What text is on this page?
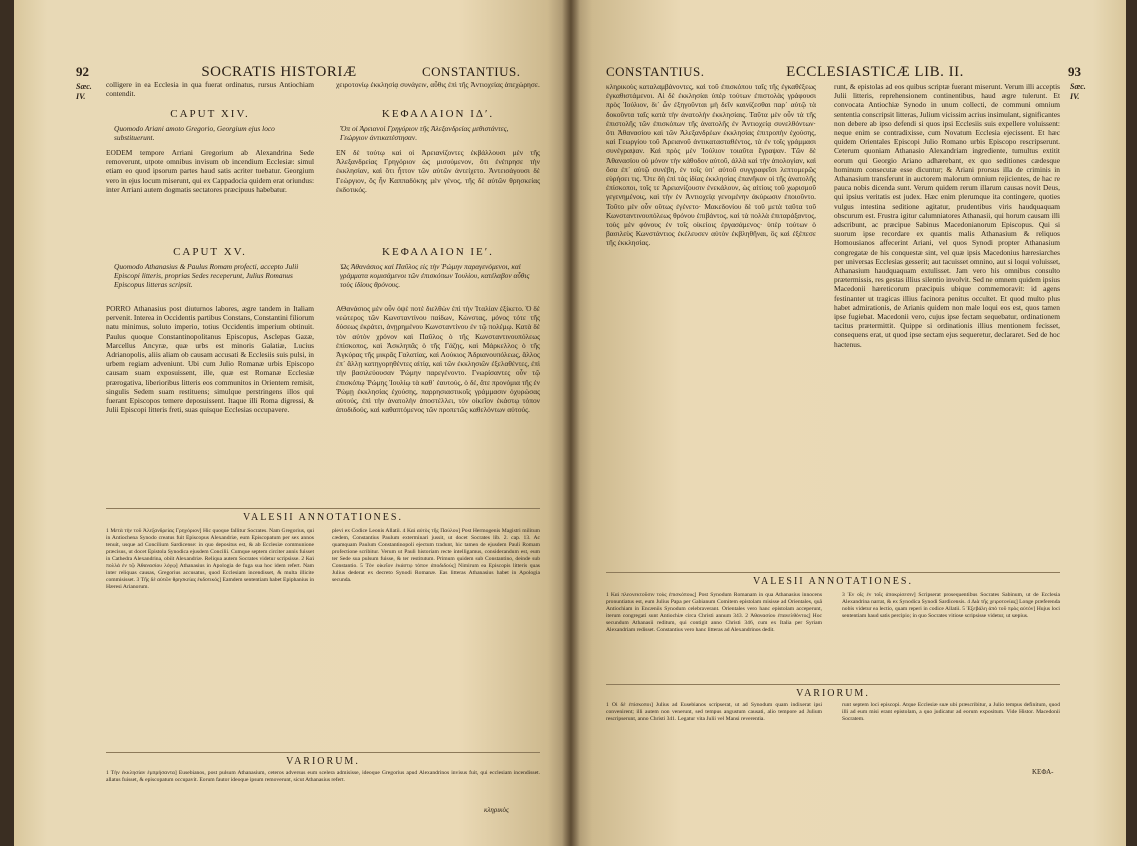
92	SOCRATIS HISTORIÆ	CONSTANTIUS.
Sæc.
IV.
colligere in ea Ecclesia in qua fuerat ordinatus, rursus Antiochiam contendit.
χειροτονίῳ ἐκκλησίᾳ συνάγειν, αὖθις ἐπὶ τῆς Ἀντιοχείας ἀπεχώρησε.
CAPUT XIV.
Quomodo Ariani amoto Gregorio, Georgium ejus loco substituerunt.

EODEM tempore Arriani Gregorium ab Alexandrina Sede removerunt, utpote omnibus invisum ob incendium Ecclesiæ: simul etiam eo quod ipsorum partes haud satis acriter tuebatur. Georgium vero in ejus locum miserunt, qui ex Cappadocia quidem erat oriundus: inter Arriani autem dogmatis sectatores præcipuus habebatur.

ΚΕΦΑΛΑΙΟΝ ΙΔʹ.
Ὅπ οἱ Ἀρειανοὶ Γρηγόριον τῆς Ἀλεξανδρείας μεθιστάντες, Γεώργιον ἀντικατέστησαν.

ΕΝ δὲ τούτῳ καὶ οἱ Ἀρειανίζοντες ἐκβάλλουσι μὲν τῆς Ἀλεξανδρείας Γρηγόριον ὡς μισούμενον, ὅτι ἐνέπρησε τὴν ἐκκλησίαν, καὶ ὅτι ἧττον τῶν αὐτῶν ἀντείχετο. Ἀντεισάγουσι δὲ Γεώργιον, ὃς ἦν Καππαδόκης μὲν γένος, τῆς δὲ αὐτῶν θρησκείας ἐκδοτικός.

CAPUT XV.
Quomodo Athanasius & Paulus Romam profecti, accepto Julii Episcopi litteris, proprias Sedes receperunt, Julius Romanus Episcopus litteras scripsit.

PORRO Athanasius post diuturnos labores, ægre tandem in Italiam pervenit. Interea in Occidentis partibus Constans, Constantini filiorum natu minimus, soluto imperio, totius Occidentis imperium obtinuit. Paulus quoque Constantinopolitanus Episcopus, Asclepas Gazæ, Marcellus Ancyræ, quæ urbs est minoris Galatiæ, Lucius Adrianopolis, aliis aliam ob causam accusati & Ecclesiis suis pulsi, in urbem regiam adveniunt. Ubi cum Julio Romanæ urbis Episcopo causam suam exposuissent, ille, quæ est Romanæ Ecclesiæ prærogativa, liberioribus litteris eos communitos in Orientem remisit, singulis Sedem suam restituens; simulque perstringens illos qui fuerant Episcopos temere deposuissent. Itaque illi Roma digressi, & Julii Episcopi litteris freti, suas quisque Ecclesias occupavere.

ΚΕΦΑΛΑΙΟΝ ΙΕʹ.
Ὡς Ἀθανάσιος καὶ Παῦλος εἰς τὴν Ῥώμην παραγενόμενοι, καὶ γράμματα κομισάμενοι τῶν ἐπισκόπων Ἰουλίου, κατέλαβον αὖθις τοὺς ἰδίους θρόνους.

ΑΘανάσιος μὲν οὖν ὀψὲ ποτὲ διελθὼν ἐπὶ τὴν Ἰταλίαν ἐξίκετο. Ὁ δὲ νεώτερος τῶν Κωνσταντίνου παίδων, Κώνστας, μόνος τότε τῆς δύσεως ἐκράτει, ἀνῃρημένου Κωνσταντίνου ἐν τῷ πολέμῳ. Κατὰ δὲ τὸν αὐτὸν χρόνον καὶ Παῦλος ὁ τῆς Κωνσταντινουπόλεως ἐπίσκοπος, καὶ Ἀσκληπᾶς ὁ τῆς Γάζης, καὶ Μάρκελλος ὁ τῆς Ἀγκύρας τῆς μικρᾶς Γαλατίας, καὶ Λούκιος Ἀδριανουπόλεως, ἄλλος ἐπ᾽ ἄλλῃ κατηγορηθέντες αἰτίᾳ, καὶ τῶν ἐκκλησιῶν ἐξελαθέντες, ἐπὶ τὴν βασιλεύουσαν Ῥώμην παρεγένοντο. Γνωρίσαντες οὖν τῷ ἐπισκόπῳ Ῥώμης Ἰουλίῳ τὰ καθ᾽ ἑαυτούς, ὁ δέ, ἅτε προνόμια τῆς ἐν Ῥώμῃ ἐκκλησίας ἐχούσης, παρρησιαστικοῖς γράμμασιν ὀχυρώσας αὐτούς, ἐπὶ τὴν ἀνατολὴν ἀποστέλλει, τὸν οἰκεῖον ἑκάστῳ τόπον ἀποδιδούς, καὶ καθαπτόμενος τῶν προπετῶς καθελόντων αὐτούς.

VALESII ANNOTATIONES.
1 Μετὰ τὴν τοῦ Ἀλεξανδρείας Γρηγόριον] Hic quoque fallitur Socrates. Nam Gregorius, qui in Antiochena Synodo creatus fuit Episcopus Alexandriæ, eum Episcopatum per sex annos tenuit, usque ad Concilium Sardicense: in quo depositus est, & ab Ecclesiæ communione præcisus, ut docet Epistola Synodica ejusdem Concilii. Cumque septem circiter annis fuisset in Cathedra Alexandrina, obiit Alexandriæ. Reliqua autem Socrates videtur scripsisse. 2 Καὶ πολλά ἐν τῷ Ἀθανασίου λόγῳ] Athanasius in Apologia de fuga sua hoc idem refert. Nam inter reliquas causas, Gregorius accusatus, quod Ecclesiam incendisset, & multa illicite commisisset. 3 Τῆς δὲ αὐτῶν θρησκείας ἐκδοτικός] Eamdem sententiam habet Epiphanius in Hæresi Arianorum.
plevi ex Codice Leonis Allatii. 4 Καὶ αὐτὸς τῆς Παύλου] Post Hermogenis Magistri militum cædem, Constantius Paulum exterminari jussit, ut docet Socrates lib. 2. cap. 13. Ac quamquam Paulum Constantinopoli ejectum tradunt, hic tamen de ejusdem Pauli Romam profectione scribitur. Verum ut Pauli historiam recte intelligamus, considerandum est, eum ter Sede sua pulsum fuisse, & ter restitutum. Primum quidem sub Constantino, deinde sub Constantio. 5 Τὸν οἰκεῖον ἑκάστῳ τόπον ἀποδιδούς] Nimirum ea Episcopis litteris quas Julius dederat ex decreto Synodi Romanæ. Eas litteras Athanasius habet in Apologia secunda.
VARIORUM.
1 Τὴν ἐκκλησίαν ἐμπρήσαντα] Eusebianos, post pulsum Athanasium, ceteros adversus eum scelera admisisse, ideoque Gregorius apud Alexandrinos invisus fuit, qui ecclesiam incendisset. allatus fuisset, & episcopatum occupavit. Eorum fautor ideoque ipsum removerunt, sicut Athanasius refert.
κληρικὸς
CONSTANTIUS.	ECCLESIASTICÆ LIB. II.	93
Sæc.
IV.

κληρικοὺς καταλαμβάνοντες, καὶ τοῦ ἐπισκόπου ταῖς τῆς ἐγκαθέξεως ἐγκαθιστάμενοι. Αἱ δὲ ἐκκλησίαι ὑπὲρ τούτων ἐπιστολὰς γράφουσι πρὸς Ἰούλιον, δι᾽ ὧν ἐξηγοῦνται μὴ δεῖν καινίζεσθαι παρ᾽ αὐτῷ τὰ δοκοῦντα ταῖς κατὰ τὴν ἀνατολὴν ἐκκλησίαις. Ταῦτα μὲν οὖν τὰ τῆς ἐπιστολῆς τῶν ἐπισκόπων τῆς ἀνατολῆς ἐν Ἀντιοχείᾳ συνελθόντων· ὅτι Ἀθανασίου καὶ τῶν Ἀλεξανδρέων ἐκκλησίας ἐπιτροπὴν ἐχούσης, καὶ Γεωργίου τοῦ Ἀρειανοῦ ἀντικατασταθέντος, τὰ ἐν τοῖς γράμμασι συνέγραψαν. Καὶ πρὸς μὲν Ἰούλιον τοιαῦτα ἔγραψαν. Τῶν δὲ Ἀθανασίου οὐ μόνον τὴν κάθοδον αὐτοῦ, ἀλλὰ καὶ τὴν ἀπολογίαν, καὶ ὅσα ἐπ᾽ αὐτῷ συνέβη, ἐν τοῖς ὑπ᾽ αὐτοῦ συγγραφεῖσι λεπτομερῶς εὑρήσει τις. Ὅτε δὴ ἐπὶ τὰς ἰδίας ἐκκλησίας ἐπανῆκον οἱ τῆς ἀνατολῆς ἐπίσκοποι, τοῖς τε Ἀρειανίζουσιν ἐνεκάλουν, ὡς αἰτίοις τοῦ χωρισμοῦ γεγενημένοις, καὶ τὴν ἐν Ἀντιοχείᾳ γενομένην ἀκύρωσιν ἐποιοῦντο. Τοῦτο μὲν οὖν οὕτως ἐγένετο· Μακεδονίου δὲ τοῦ μετὰ ταῦτα τοῦ Κωνσταντινουπόλεως θρόνου ἐπιβάντος, καὶ τὰ πολλὰ ἐπιταράξαντος, τοὺς μὲν φόνους ἐν τοῖς οἰκείοις ἐργασάμενος· ὑπὲρ τούτων ὁ βασιλεὺς Κωνστάντιος ἐκέλευσεν αὐτὸν ἐκβληθῆναι, ὃς καὶ ἐξέπεσε τῆς ἐκκλησίας.

runt, & epistolas ad eos quibus scriptæ fuerant miserunt. Verum illi acceptis Julii litteris, reprehensionem continentibus, haud ægre tulerunt. Et convocata Antiochiæ Synodo in unum collecti, de communi omnium sententia conscripsit litteras, Julium vicissim acrius insimulant, significantes non debere ab ipso defendi si quos ipsi Ecclesiis suis expellere voluissent: neque enim se contradixisse, cum Novatum Ecclesia ejecissent. Et hæc quidem Orientales Episcopi Julio Romano urbis Episcopo rescripserunt. Ceterum quoniam Athanasio Alexandriam ingrediente, tumultus extitit eorum qui Georgio Ariano adhærebant, ex quo seditiones cædesque hominum consecutæ esse dicuntur; & Ariani prorsus illa de criminis in Athanasium transferunt in auctorem malorum omnium rejicientes, de hac re pauca nobis dicenda sunt. Verum quidem rerum illarum causas novit Deus, qui ipsius veritatis est judex. Hæc enim plerumque ita contingere, quoties vulgus intestina seditione agitatur, prudentibus viris haudquaquam obscurum est. Frustra igitur calumniatores Athanasii, qui horum causam illi adscribunt, ac præcipue Sabinus Macedonianorum Episcopus. Qui si suorum ipse recordare ex quantis malis Athanasium & reliquos Homousianos affecerint Ariani, vel quos Synodi propter Athanasium congregatæ de his conquestæ sint, vel quæ ipsis Macedonius hæresiarches per universas Ecclesias gesserit; aut tacuisset omnino, aut si loqui voluisset, Athanasium haudquaquam extulisset. Jam vero his omnibus consulto prætermissis, res gestas illius silentio involvit. Sed ne omnem quidem ipsius Macedonii hæreticorum præcipuis ubique commemoravit: id agens festinanter ut tragicas illius facinora penitus occultet. Et quod multo plus habet admirationis, de Arianis quidem non male loqui eos est, quos tamen ipse fugiebat. Macedonii vero, cujus ipse fectam sequebatur, ordinationem tacitus prætermittit. Quippe si ordinationis illius mentionem fecisset, consequens erat, ut quod ipse sectam ejus sequeretur, declararet. Sed de hoc hactenus.

VALESII ANNOTATIONES.
1 Καὶ πλεονεκτοῦσιν τοὺς ἐπισκόπους] Post Synodum Romanam in qua Athanasius innocens pronuntiatus est, eum Julius Papa per Gabianum Comitem epistolam misisse ad Orientales, quâ Antiochiam in Encæniis Synodum celebraverant. Orientales vero hanc epistolam acceperunt, iterum congregati sunt Antiochiæ circa Christi annum 343. 2 Ἀθανασίου ἐπανελθόντος] Hoc secundum Athanasii reditum, qui contigit anno Christi 346, cum ex Italia per Syriam Alexandriam redisset. Constantius vero hanc litteras ad Alexandrinos dedit.
3 Ἐν οἷς ἐν τοῖς ἀποκρίσεσιν] Scripserat prosequentibus Socrates Sabinum, ut de Ecclesia Alexandrina narrat, & ex Synodica Synodi Sardicensis. 4 Διὰ τῆς χειροτονίας] Longe præferenda nobis videtur ea lectio, quam reperi in codice Allatii. 5 Ἐξεβάλη ἀπὸ τοῦ πρὸς αὐτόν] Hujus loci sententiam haud satis percipio; in quo Socrates vitiose scripsisse videtur, ut sæpius.
VARIORUM.
1 Οἱ δὲ ἐπίσκοποι] Julius ad Eusebianos scripserat, ut ad Synodum quam indixerat ipsi convenirent; illi autem non venerunt, sed tempus angustum causati, alio tempore ad Julium rescripserunt, anno Christi 341. Legatur vita Julii vel Mansi reverentia.
runt septem loci episcopi. Atque Ecclesiæ suæ ubi præscribitur, a Julio tempus definitum, quod illi ad eum misi erant epistolam, a quo judicatur ad eorum expositum. Vide Histor. Macedonii Socratem.
ΚΕΦΑ-
